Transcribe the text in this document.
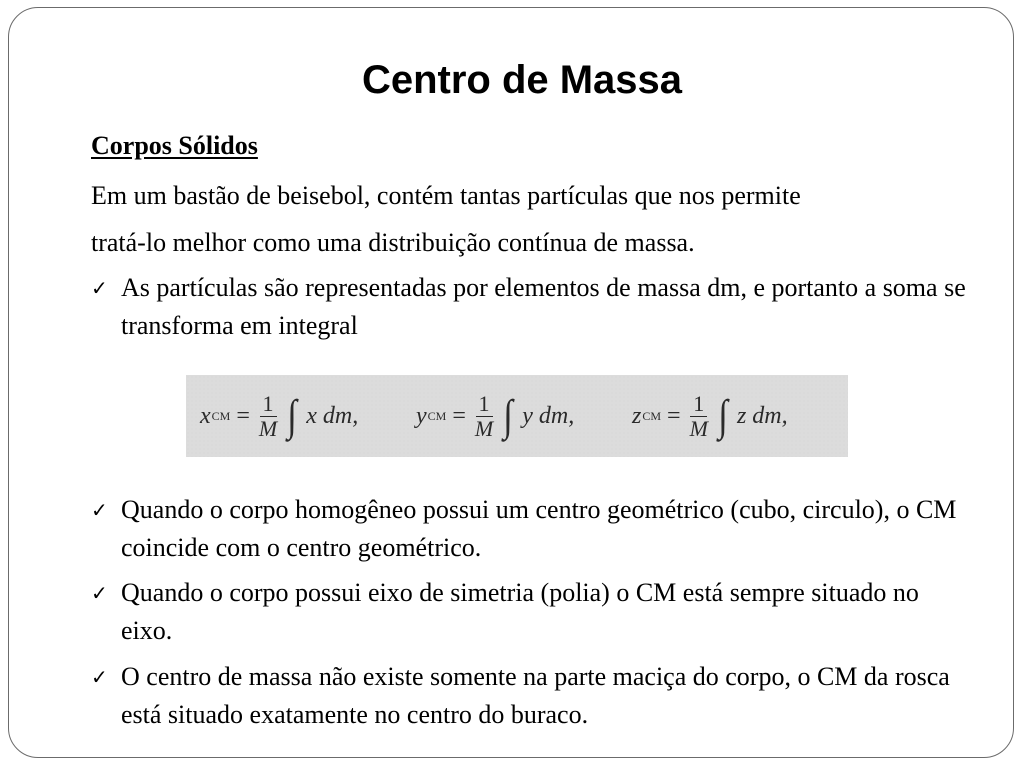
Centro de Massa
Corpos Sólidos
Em um bastão de beisebol, contém tantas partículas que nos permite
tratá-lo melhor como uma distribuição contínua de massa.
✓ As partículas são representadas por elementos de massa dm, e portanto a soma se transforma em integral
x CM = $\frac{1}{M}$ ∫ x dm, y CM = $\frac{1}{M}$ ∫ y dm, z CM = $\frac{1}{M}$ ∫ z dm,
✓ Quando o corpo homogêneo possui um centro geométrico (cubo, circulo), o CM coincide com o centro geométrico.
✓ Quando o corpo possui eixo de simetria (polia) o CM está sempre situado no eixo.
✓ O centro de massa não existe somente na parte maciça do corpo, o CM da rosca está situado exatamente no centro do buraco.
